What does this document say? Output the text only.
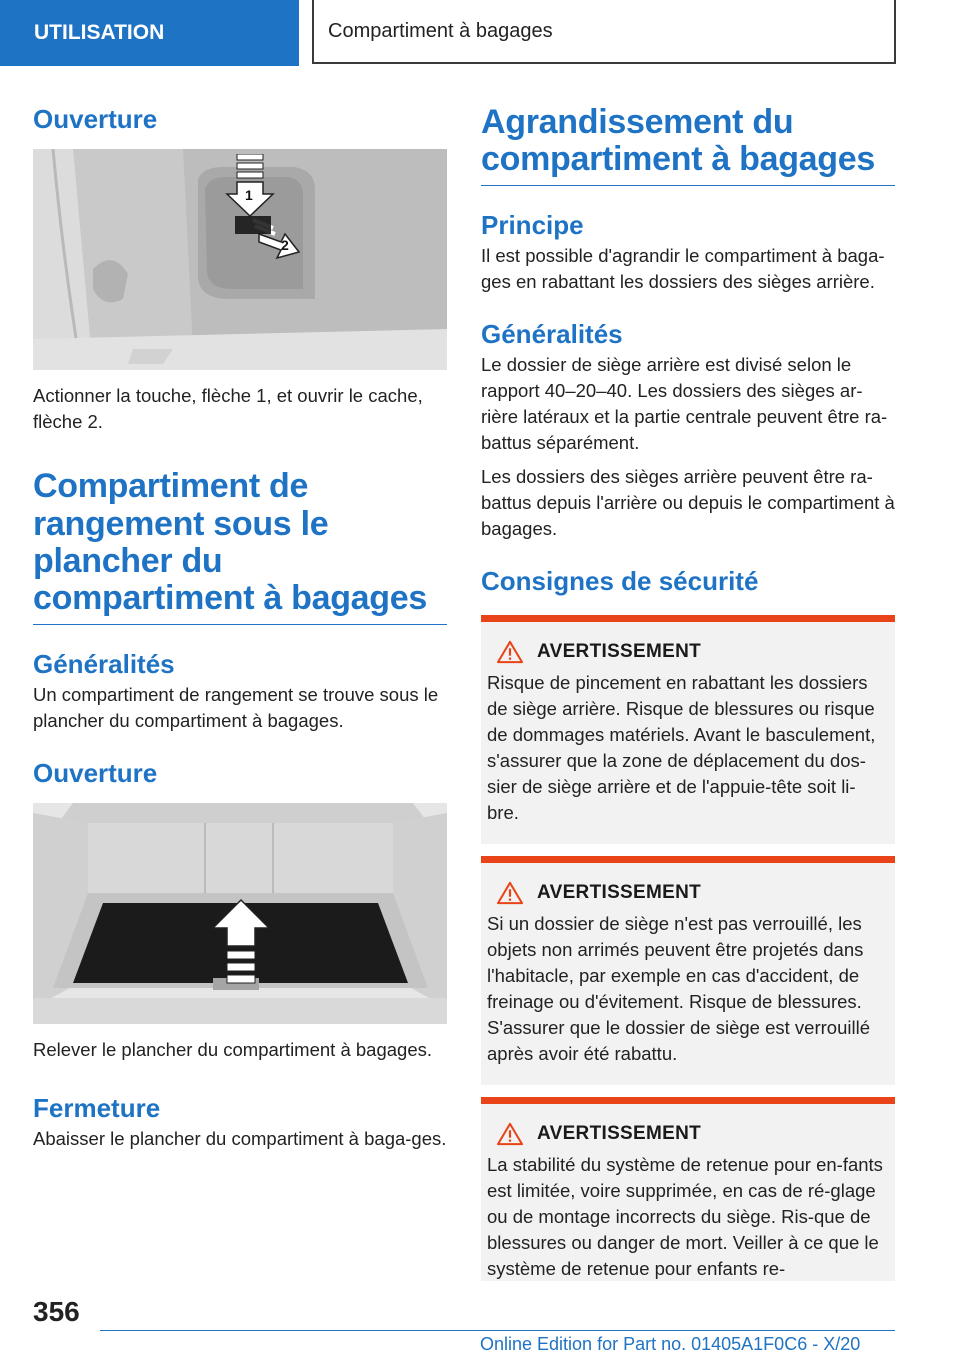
UTILISATION	Compartiment à bagages
Ouverture
1
2

Actionner la touche, flèche 1, et ouvrir le cache, flèche 2.

Compartiment de rangement sous le plancher du compartiment à bagages
Généralités

Un compartiment de rangement se trouve sous le plancher du compartiment à bagages.

Ouverture

Relever le plancher du compartiment à bagages.

Fermeture

Abaisser le plancher du compartiment à baga-ges.

Agrandissement du compartiment à bagages
Principe

Il est possible d'agrandir le compartiment à baga-ges en rabattant les dossiers des sièges arrière.

Généralités

Le dossier de siège arrière est divisé selon le rapport 40–20–40. Les dossiers des sièges ar-rière latéraux et la partie centrale peuvent être ra-battus séparément.

Les dossiers des sièges arrière peuvent être ra-battus depuis l'arrière ou depuis le compartiment à bagages.

Consignes de sécurité
AVERTISSEMENT

Risque de pincement en rabattant les dossiers de siège arrière. Risque de blessures ou risque de dommages matériels. Avant le basculement, s'assurer que la zone de déplacement du dos-sier de siège arrière et de l'appuie-tête soit li-bre.

AVERTISSEMENT

Si un dossier de siège n'est pas verrouillé, les objets non arrimés peuvent être projetés dans l'habitacle, par exemple en cas d'accident, de freinage ou d'évitement. Risque de blessures. S'assurer que le dossier de siège est verrouillé après avoir été rabattu.

AVERTISSEMENT

La stabilité du système de retenue pour en-fants est limitée, voire supprimée, en cas de ré-glage ou de montage incorrects du siège. Ris-que de blessures ou danger de mort. Veiller à ce que le système de retenue pour enfants re-

356
Online Edition for Part no. 01405A1F0C6 - X/20
